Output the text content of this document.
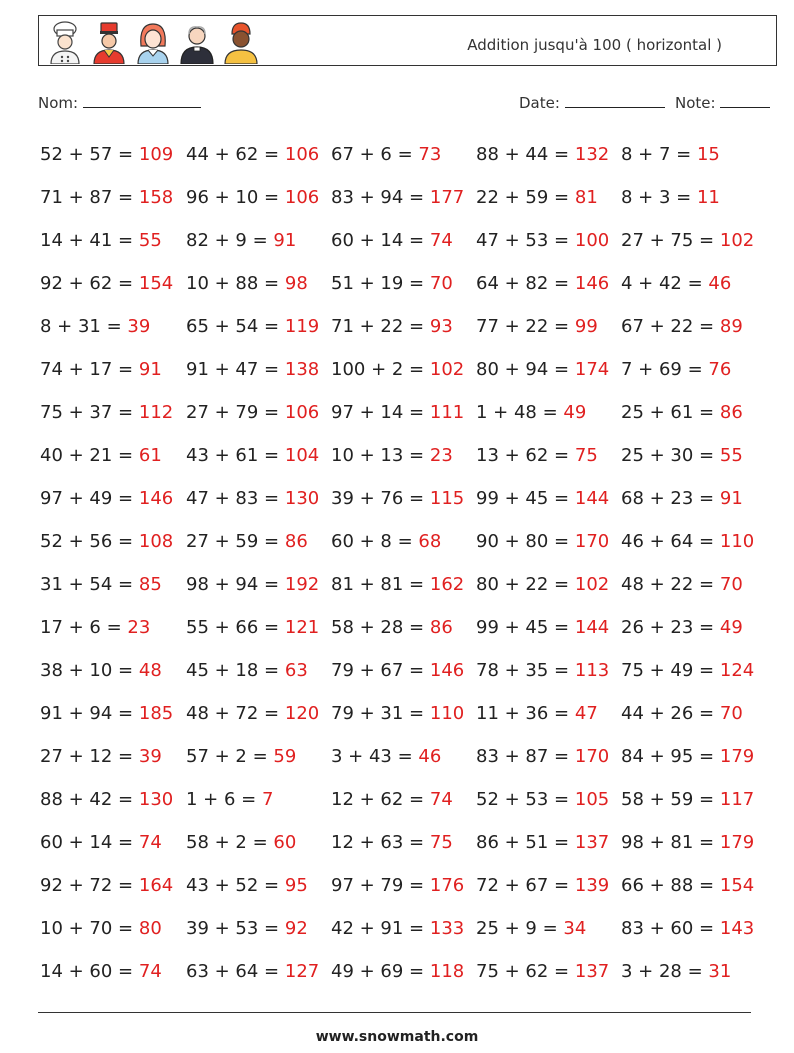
Addition jusqu'à 100 ( horizontal )
Nom:	Date:	Note:
52 + 57 = 109 44 + 62 = 106 67 + 6 = 73 88 + 44 = 132 8 + 7 = 15
71 + 87 = 158 96 + 10 = 106 83 + 94 = 177 22 + 59 = 81 8 + 3 = 11
14 + 41 = 55 82 + 9 = 91 60 + 14 = 74 47 + 53 = 100 27 + 75 = 102
92 + 62 = 154 10 + 88 = 98 51 + 19 = 70 64 + 82 = 146 4 + 42 = 46
8 + 31 = 39 65 + 54 = 119 71 + 22 = 93 77 + 22 = 99 67 + 22 = 89
74 + 17 = 91 91 + 47 = 138 100 + 2 = 102 80 + 94 = 174 7 + 69 = 76
75 + 37 = 112 27 + 79 = 106 97 + 14 = 111 1 + 48 = 49 25 + 61 = 86
40 + 21 = 61 43 + 61 = 104 10 + 13 = 23 13 + 62 = 75 25 + 30 = 55
97 + 49 = 146 47 + 83 = 130 39 + 76 = 115 99 + 45 = 144 68 + 23 = 91
52 + 56 = 108 27 + 59 = 86 60 + 8 = 68 90 + 80 = 170 46 + 64 = 110
31 + 54 = 85 98 + 94 = 192 81 + 81 = 162 80 + 22 = 102 48 + 22 = 70
17 + 6 = 23 55 + 66 = 121 58 + 28 = 86 99 + 45 = 144 26 + 23 = 49
38 + 10 = 48 45 + 18 = 63 79 + 67 = 146 78 + 35 = 113 75 + 49 = 124
91 + 94 = 185 48 + 72 = 120 79 + 31 = 110 11 + 36 = 47 44 + 26 = 70
27 + 12 = 39 57 + 2 = 59 3 + 43 = 46 83 + 87 = 170 84 + 95 = 179
88 + 42 = 130 1 + 6 = 7	12 + 62 = 74 52 + 53 = 105 58 + 59 = 117
60 + 14 = 74 58 + 2 = 60 12 + 63 = 75 86 + 51 = 137 98 + 81 = 179
92 + 72 = 164 43 + 52 = 95 97 + 79 = 176 72 + 67 = 139 66 + 88 = 154
10 + 70 = 80 39 + 53 = 92 42 + 91 = 133 25 + 9 = 34 83 + 60 = 143
14 + 60 = 74 63 + 64 = 127 49 + 69 = 118 75 + 62 = 137 3 + 28 = 31
www.snowmath.com
